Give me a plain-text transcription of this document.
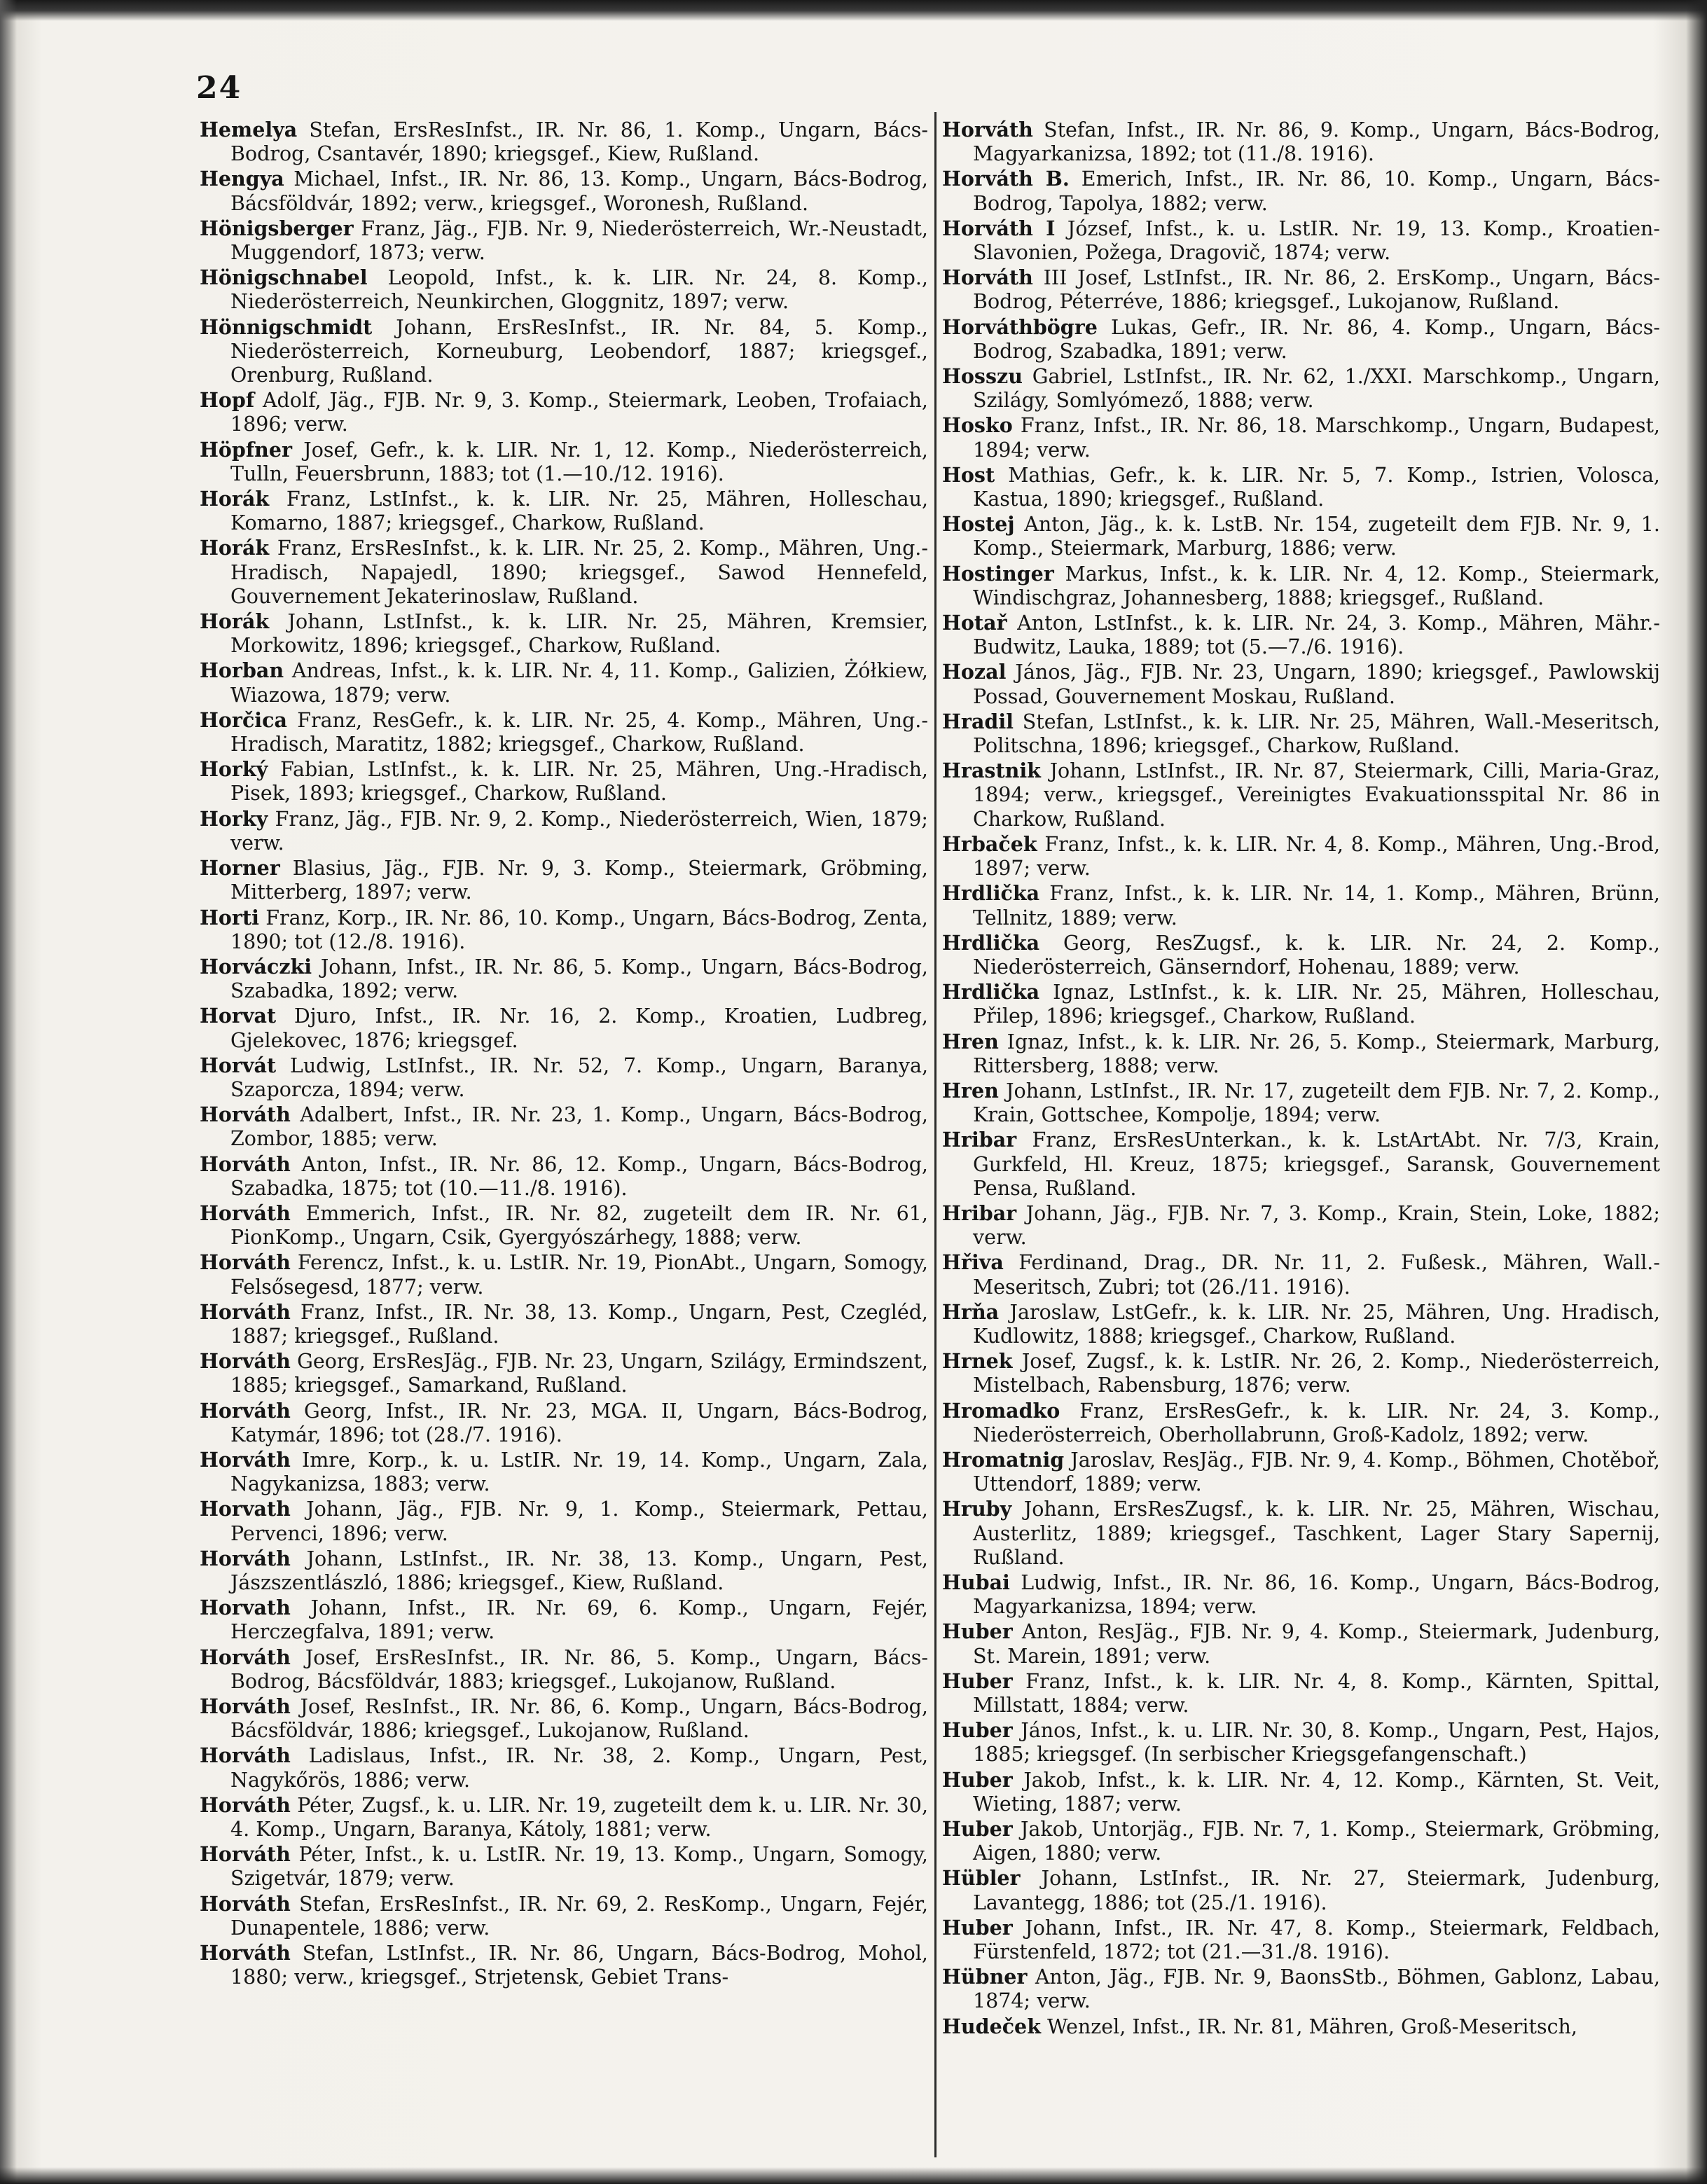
24

Hemelya Stefan, ErsResInfst., IR. Nr. 86, 1. Komp., Ungarn, Bács-Bodrog, Csantavér, 1890; kriegsgef., Kiew, Rußland.

Hengya Michael, Infst., IR. Nr. 86, 13. Komp., Ungarn, Bács-Bodrog, Bácsföldvár, 1892; verw., kriegsgef., Woronesh, Rußland.

Hönigsberger Franz, Jäg., FJB. Nr. 9, Niederösterreich, Wr.-Neustadt, Muggendorf, 1873; verw.

Hönigschnabel Leopold, Infst., k. k. LIR. Nr. 24, 8. Komp., Niederösterreich, Neunkirchen, Gloggnitz, 1897; verw.

Hönnigschmidt Johann, ErsResInfst., IR. Nr. 84, 5. Komp., Niederösterreich, Korneuburg, Leobendorf, 1887; kriegsgef., Orenburg, Rußland.

Hopf Adolf, Jäg., FJB. Nr. 9, 3. Komp., Steiermark, Leoben, Trofaiach, 1896; verw.

Höpfner Josef, Gefr., k. k. LIR. Nr. 1, 12. Komp., Niederösterreich, Tulln, Feuersbrunn, 1883; tot (1.—10./12. 1916).

Horák Franz, LstInfst., k. k. LIR. Nr. 25, Mähren, Holleschau, Komarno, 1887; kriegsgef., Charkow, Rußland.

Horák Franz, ErsResInfst., k. k. LIR. Nr. 25, 2. Komp., Mähren, Ung.-Hradisch, Napajedl, 1890; kriegsgef., Sawod Hennefeld, Gouvernement Jekaterinoslaw, Rußland.

Horák Johann, LstInfst., k. k. LIR. Nr. 25, Mähren, Kremsier, Morkowitz, 1896; kriegsgef., Charkow, Rußland.

Horban Andreas, Infst., k. k. LIR. Nr. 4, 11. Komp., Galizien, Żółkiew, Wiazowa, 1879; verw.

Horčica Franz, ResGefr., k. k. LIR. Nr. 25, 4. Komp., Mähren, Ung.-Hradisch, Maratitz, 1882; kriegsgef., Charkow, Rußland.

Horký Fabian, LstInfst., k. k. LIR. Nr. 25, Mähren, Ung.-Hradisch, Pisek, 1893; kriegsgef., Charkow, Rußland.

Horky Franz, Jäg., FJB. Nr. 9, 2. Komp., Niederösterreich, Wien, 1879; verw.

Horner Blasius, Jäg., FJB. Nr. 9, 3. Komp., Steiermark, Gröbming, Mitterberg, 1897; verw.

Horti Franz, Korp., IR. Nr. 86, 10. Komp., Ungarn, Bács-Bodrog, Zenta, 1890; tot (12./8. 1916).

Horváczki Johann, Infst., IR. Nr. 86, 5. Komp., Ungarn, Bács-Bodrog, Szabadka, 1892; verw.

Horvat Djuro, Infst., IR. Nr. 16, 2. Komp., Kroatien, Ludbreg, Gjelekovec, 1876; kriegsgef.

Horvát Ludwig, LstInfst., IR. Nr. 52, 7. Komp., Ungarn, Baranya, Szaporcza, 1894; verw.

Horváth Adalbert, Infst., IR. Nr. 23, 1. Komp., Ungarn, Bács-Bodrog, Zombor, 1885; verw.

Horváth Anton, Infst., IR. Nr. 86, 12. Komp., Ungarn, Bács-Bodrog, Szabadka, 1875; tot (10.—11./8. 1916).

Horváth Emmerich, Infst., IR. Nr. 82, zugeteilt dem IR. Nr. 61, PionKomp., Ungarn, Csik, Gyergyószárhegy, 1888; verw.

Horváth Ferencz, Infst., k. u. LstIR. Nr. 19, PionAbt., Ungarn, Somogy, Felsősegesd, 1877; verw.

Horváth Franz, Infst., IR. Nr. 38, 13. Komp., Ungarn, Pest, Czegléd, 1887; kriegsgef., Rußland.

Horváth Georg, ErsResJäg., FJB. Nr. 23, Ungarn, Szilágy, Ermindszent, 1885; kriegsgef., Samarkand, Rußland.

Horváth Georg, Infst., IR. Nr. 23, MGA. II, Ungarn, Bács-Bodrog, Katymár, 1896; tot (28./7. 1916).

Horváth Imre, Korp., k. u. LstIR. Nr. 19, 14. Komp., Ungarn, Zala, Nagykanizsa, 1883; verw.

Horvath Johann, Jäg., FJB. Nr. 9, 1. Komp., Steiermark, Pettau, Pervenci, 1896; verw.

Horváth Johann, LstInfst., IR. Nr. 38, 13. Komp., Ungarn, Pest, Jászszentlászló, 1886; kriegsgef., Kiew, Rußland.

Horvath Johann, Infst., IR. Nr. 69, 6. Komp., Ungarn, Fejér, Herczegfalva, 1891; verw.

Horváth Josef, ErsResInfst., IR. Nr. 86, 5. Komp., Ungarn, Bács-Bodrog, Bácsföldvár, 1883; kriegsgef., Lukojanow, Rußland.

Horváth Josef, ResInfst., IR. Nr. 86, 6. Komp., Ungarn, Bács-Bodrog, Bácsföldvár, 1886; kriegsgef., Lukojanow, Rußland.

Horváth Ladislaus, Infst., IR. Nr. 38, 2. Komp., Ungarn, Pest, Nagykőrös, 1886; verw.

Horváth Péter, Zugsf., k. u. LIR. Nr. 19, zugeteilt dem k. u. LIR. Nr. 30, 4. Komp., Ungarn, Baranya, Kátoly, 1881; verw.

Horváth Péter, Infst., k. u. LstIR. Nr. 19, 13. Komp., Ungarn, Somogy, Szigetvár, 1879; verw.

Horváth Stefan, ErsResInfst., IR. Nr. 69, 2. ResKomp., Ungarn, Fejér, Dunapentele, 1886; verw.

Horváth Stefan, LstInfst., IR. Nr. 86, Ungarn, Bács-Bodrog, Mohol, 1880; verw., kriegsgef., Strjetensk, Gebiet Trans-

Horváth Stefan, Infst., IR. Nr. 86, 9. Komp., Ungarn, Bács-Bodrog, Magyarkanizsa, 1892; tot (11./8. 1916).

Horváth B. Emerich, Infst., IR. Nr. 86, 10. Komp., Ungarn, Bács-Bodrog, Tapolya, 1882; verw.

Horváth I József, Infst., k. u. LstIR. Nr. 19, 13. Komp., Kroatien-Slavonien, Požega, Dragovič, 1874; verw.

Horváth III Josef, LstInfst., IR. Nr. 86, 2. ErsKomp., Ungarn, Bács-Bodrog, Péterréve, 1886; kriegsgef., Lukojanow, Rußland.

Horváthbögre Lukas, Gefr., IR. Nr. 86, 4. Komp., Ungarn, Bács-Bodrog, Szabadka, 1891; verw.

Hosszu Gabriel, LstInfst., IR. Nr. 62, 1./XXI. Marschkomp., Ungarn, Szilágy, Somlyómező, 1888; verw.

Hosko Franz, Infst., IR. Nr. 86, 18. Marschkomp., Ungarn, Budapest, 1894; verw.

Host Mathias, Gefr., k. k. LIR. Nr. 5, 7. Komp., Istrien, Volosca, Kastua, 1890; kriegsgef., Rußland.

Hostej Anton, Jäg., k. k. LstB. Nr. 154, zugeteilt dem FJB. Nr. 9, 1. Komp., Steiermark, Marburg, 1886; verw.

Hostinger Markus, Infst., k. k. LIR. Nr. 4, 12. Komp., Steiermark, Windischgraz, Johannesberg, 1888; kriegsgef., Rußland.

Hotař Anton, LstInfst., k. k. LIR. Nr. 24, 3. Komp., Mähren, Mähr.-Budwitz, Lauka, 1889; tot (5.—7./6. 1916).

Hozal János, Jäg., FJB. Nr. 23, Ungarn, 1890; kriegsgef., Pawlowskij Possad, Gouvernement Moskau, Rußland.

Hradil Stefan, LstInfst., k. k. LIR. Nr. 25, Mähren, Wall.-Meseritsch, Politschna, 1896; kriegsgef., Charkow, Rußland.

Hrastnik Johann, LstInfst., IR. Nr. 87, Steiermark, Cilli, Maria-Graz, 1894; verw., kriegsgef., Vereinigtes Evakuationsspital Nr. 86 in Charkow, Rußland.

Hrbaček Franz, Infst., k. k. LIR. Nr. 4, 8. Komp., Mähren, Ung.-Brod, 1897; verw.

Hrdlička Franz, Infst., k. k. LIR. Nr. 14, 1. Komp., Mähren, Brünn, Tellnitz, 1889; verw.

Hrdlička Georg, ResZugsf., k. k. LIR. Nr. 24, 2. Komp., Niederösterreich, Gänserndorf, Hohenau, 1889; verw.

Hrdlička Ignaz, LstInfst., k. k. LIR. Nr. 25, Mähren, Holleschau, Přilep, 1896; kriegsgef., Charkow, Rußland.

Hren Ignaz, Infst., k. k. LIR. Nr. 26, 5. Komp., Steiermark, Marburg, Rittersberg, 1888; verw.

Hren Johann, LstInfst., IR. Nr. 17, zugeteilt dem FJB. Nr. 7, 2. Komp., Krain, Gottschee, Kompolje, 1894; verw.

Hribar Franz, ErsResUnterkan., k. k. LstArtAbt. Nr. 7/3, Krain, Gurkfeld, Hl. Kreuz, 1875; kriegsgef., Saransk, Gouvernement Pensa, Rußland.

Hribar Johann, Jäg., FJB. Nr. 7, 3. Komp., Krain, Stein, Loke, 1882; verw.

Hřiva Ferdinand, Drag., DR. Nr. 11, 2. Fußesk., Mähren, Wall.-Meseritsch, Zubri; tot (26./11. 1916).

Hrňa Jaroslaw, LstGefr., k. k. LIR. Nr. 25, Mähren, Ung. Hradisch, Kudlowitz, 1888; kriegsgef., Charkow, Rußland.

Hrnek Josef, Zugsf., k. k. LstIR. Nr. 26, 2. Komp., Niederösterreich, Mistelbach, Rabensburg, 1876; verw.

Hromadko Franz, ErsResGefr., k. k. LIR. Nr. 24, 3. Komp., Niederösterreich, Oberhollabrunn, Groß-Kadolz, 1892; verw.

Hromatnig Jaroslav, ResJäg., FJB. Nr. 9, 4. Komp., Böhmen, Chotěboř, Uttendorf, 1889; verw.

Hruby Johann, ErsResZugsf., k. k. LIR. Nr. 25, Mähren, Wischau, Austerlitz, 1889; kriegsgef., Taschkent, Lager Stary Sapernij, Rußland.

Hubai Ludwig, Infst., IR. Nr. 86, 16. Komp., Ungarn, Bács-Bodrog, Magyarkanizsa, 1894; verw.

Huber Anton, ResJäg., FJB. Nr. 9, 4. Komp., Steiermark, Judenburg, St. Marein, 1891; verw.

Huber Franz, Infst., k. k. LIR. Nr. 4, 8. Komp., Kärnten, Spittal, Millstatt, 1884; verw.

Huber János, Infst., k. u. LIR. Nr. 30, 8. Komp., Ungarn, Pest, Hajos, 1885; kriegsgef. (In serbischer Kriegsgefangenschaft.)

Huber Jakob, Infst., k. k. LIR. Nr. 4, 12. Komp., Kärnten, St. Veit, Wieting, 1887; verw.

Huber Jakob, Untorjäg., FJB. Nr. 7, 1. Komp., Steiermark, Gröbming, Aigen, 1880; verw.

Hübler Johann, LstInfst., IR. Nr. 27, Steiermark, Judenburg, Lavantegg, 1886; tot (25./1. 1916).

Huber Johann, Infst., IR. Nr. 47, 8. Komp., Steiermark, Feldbach, Fürstenfeld, 1872; tot (21.—31./8. 1916).

Hübner Anton, Jäg., FJB. Nr. 9, BaonsStb., Böhmen, Gablonz, Labau, 1874; verw.

Hudeček Wenzel, Infst., IR. Nr. 81, Mähren, Groß-Meseritsch,
